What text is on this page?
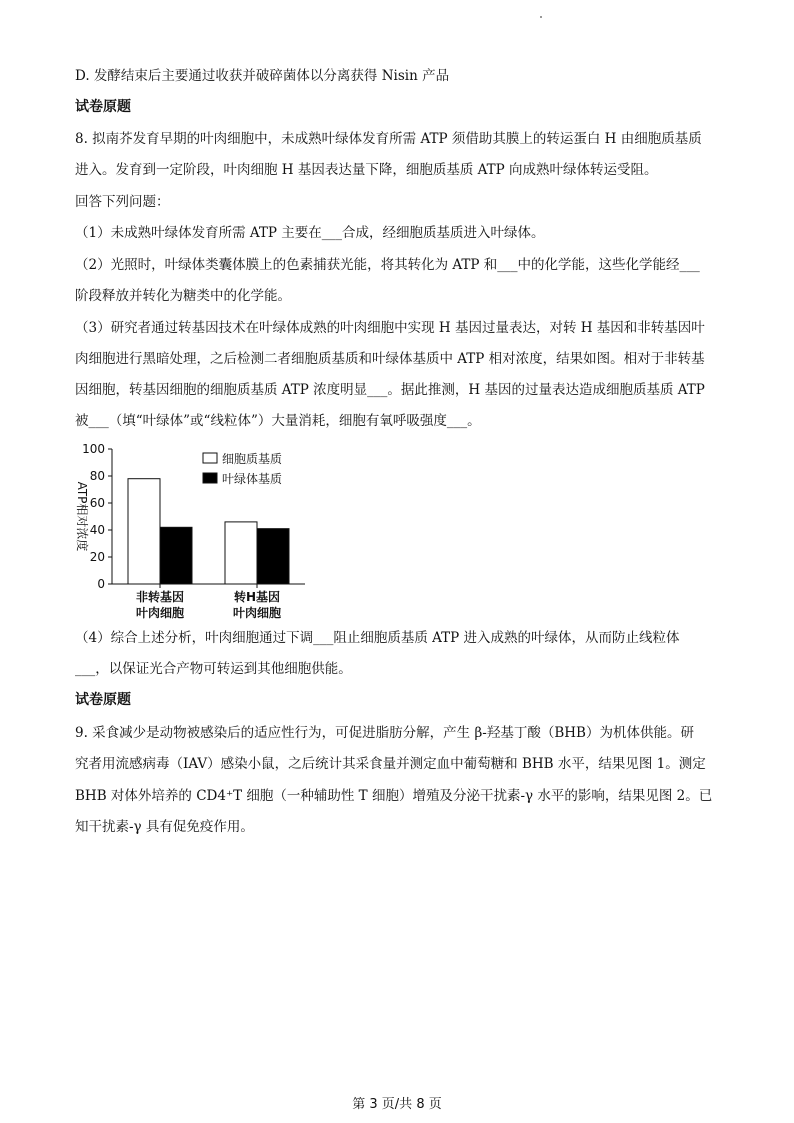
D. 发酵结束后主要通过收获并破碎菌体以分离获得 Nisin 产品
试卷原题
8. 拟南芥发育早期的叶肉细胞中，未成熟叶绿体发育所需 ATP 须借助其膜上的转运蛋白 H 由细胞质基质
进入。发育到一定阶段，叶肉细胞 H 基因表达量下降，细胞质基质 ATP 向成熟叶绿体转运受阻。
回答下列问题：
（1）未成熟叶绿体发育所需 ATP 主要在___合成，经细胞质基质进入叶绿体。
（2）光照时，叶绿体类囊体膜上的色素捕获光能，将其转化为 ATP 和___中的化学能，这些化学能经___
阶段释放并转化为糖类中的化学能。
（3）研究者通过转基因技术在叶绿体成熟的叶肉细胞中实现 H 基因过量表达，对转 H 基因和非转基因叶
肉细胞进行黑暗处理，之后检测二者细胞质基质和叶绿体基质中 ATP 相对浓度，结果如图。相对于非转基
因细胞，转基因细胞的细胞质基质 ATP 浓度明显___。据此推测，H 基因的过量表达造成细胞质基质 ATP
被___（填“叶绿体”或“线粒体”）大量消耗，细胞有氧呼吸强度___。
0
20
40
60
80
100
ATP相对浓度
非转基因
叶肉细胞
转H基因
叶肉细胞
细胞质基质
叶绿体基质
（4）综合上述分析，叶肉细胞通过下调___阻止细胞质基质 ATP 进入成熟的叶绿体，从而防止线粒体
___，以保证光合产物可转运到其他细胞供能。
试卷原题
9. 采食减少是动物被感染后的适应性行为，可促进脂肪分解，产生 β-羟基丁酸（BHB）为机体供能。研
究者用流感病毒（IAV）感染小鼠，之后统计其采食量并测定血中葡萄糖和 BHB 水平，结果见图 1。测定
BHB 对体外培养的 CD4⁺T 细胞（一种辅助性 T 细胞）增殖及分泌干扰素-γ 水平的影响，结果见图 2。已
知干扰素-γ 具有促免疫作用。
第 3 页/共 8 页
